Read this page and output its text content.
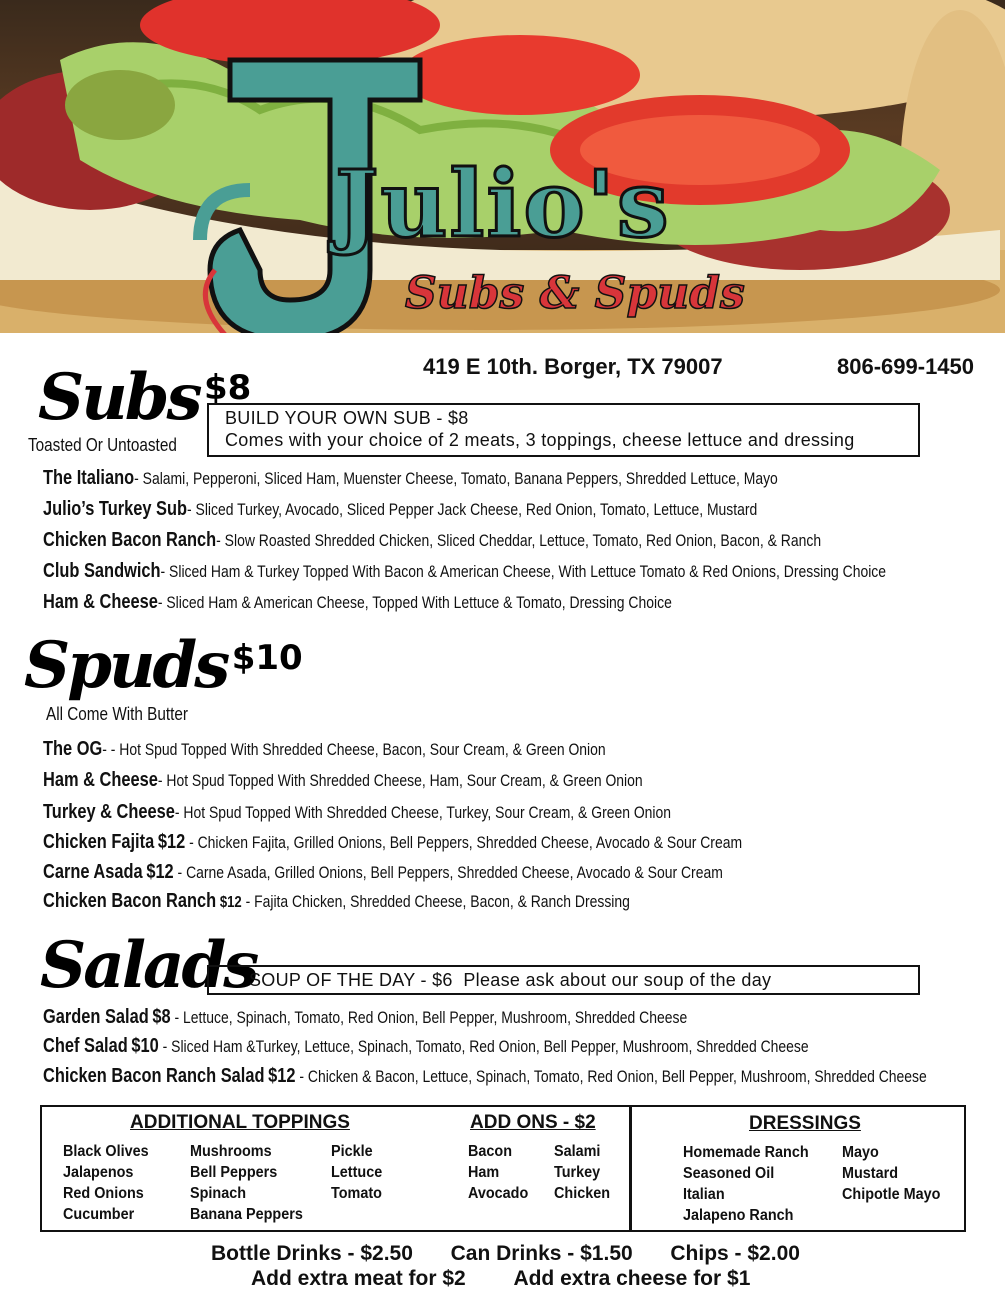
Julio's
Subs & Spuds
419 E 10th. Borger, TX 79007	806-699-1450
Subs $8
Toasted Or Untoasted
BUILD YOUR OWN SUB - $8
Comes with your choice of 2 meats, 3 toppings, cheese lettuce and dressing
The Italiano- Salami, Pepperoni, Sliced Ham, Muenster Cheese, Tomato, Banana Peppers, Shredded Lettuce, Mayo
Julio’s Turkey Sub- Sliced Turkey, Avocado, Sliced Pepper Jack Cheese, Red Onion, Tomato, Lettuce, Mustard
Chicken Bacon Ranch- Slow Roasted Shredded Chicken, Sliced Cheddar, Lettuce, Tomato, Red Onion, Bacon, & Ranch
Club Sandwich- Sliced Ham & Turkey Topped With Bacon & American Cheese, With Lettuce Tomato & Red Onions, Dressing Choice
Ham & Cheese- Sliced Ham & American Cheese, Topped With Lettuce & Tomato, Dressing Choice
Spuds $10
All Come With Butter
The OG- - Hot Spud Topped With Shredded Cheese, Bacon, Sour Cream, & Green Onion
Ham & Cheese- Hot Spud Topped With Shredded Cheese, Ham, Sour Cream, & Green Onion
Turkey & Cheese- Hot Spud Topped With Shredded Cheese, Turkey, Sour Cream, & Green Onion
Chicken Fajita $12 - Chicken Fajita, Grilled Onions, Bell Peppers, Shredded Cheese, Avocado & Sour Cream
Carne Asada $12 - Carne Asada, Grilled Onions, Bell Peppers, Shredded Cheese, Avocado & Sour Cream
Chicken Bacon Ranch $12 - Fajita Chicken, Shredded Cheese, Bacon, & Ranch Dressing
Salads
SOUP OF THE DAY - $6 Please ask about our soup of the day
Garden Salad $8 - Lettuce, Spinach, Tomato, Red Onion, Bell Pepper, Mushroom, Shredded Cheese
Chef Salad $10 - Sliced Ham &Turkey, Lettuce, Spinach, Tomato, Red Onion, Bell Pepper, Mushroom, Shredded Cheese
Chicken Bacon Ranch Salad $12 - Chicken & Bacon, Lettuce, Spinach, Tomato, Red Onion, Bell Pepper, Mushroom, Shredded Cheese
ADDITIONAL TOPPINGS
Black Olives
Jalapenos
Red Onions
Cucumber
Mushrooms
Bell Peppers
Spinach
Banana Peppers
Pickle
Lettuce
Tomato
ADD ONS - $2
Bacon
Ham
Avocado
Salami
Turkey
Chicken
DRESSINGS
Homemade Ranch
Seasoned Oil
Italian
Jalapeno Ranch
Mayo
Mustard
Chipotle Mayo
Bottle Drinks - $2.50 Can Drinks - $1.50 Chips - $2.00
Add extra meat for $2 Add extra cheese for $1
